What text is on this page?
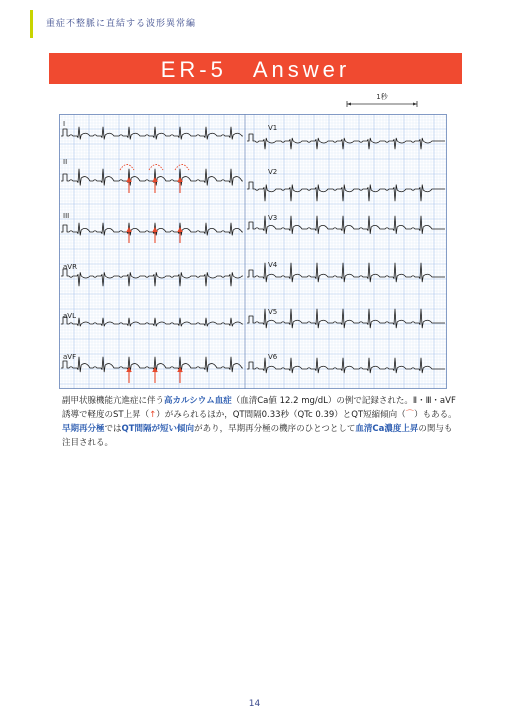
重症不整脈に直結する波形異常編
ER-5　Answer
1秒
I
II
III
aVR
aVL
aVF
V1
V2
V3
V4
V5
V6
副甲状腺機能亢進症に伴う高カルシウム血症（血清Ca値 12.2 mg/dL）の例で記録された。Ⅱ・Ⅲ・aVF誘導で軽度のST上昇（↑）がみられるほか，QT間隔0.33秒（QTc 0.39）とQT短縮傾向（⌒）もある。早期再分極ではQT間隔が短い傾向があり，早期再分極の機序のひとつとして血清Ca濃度上昇の関与も注目される。
14
